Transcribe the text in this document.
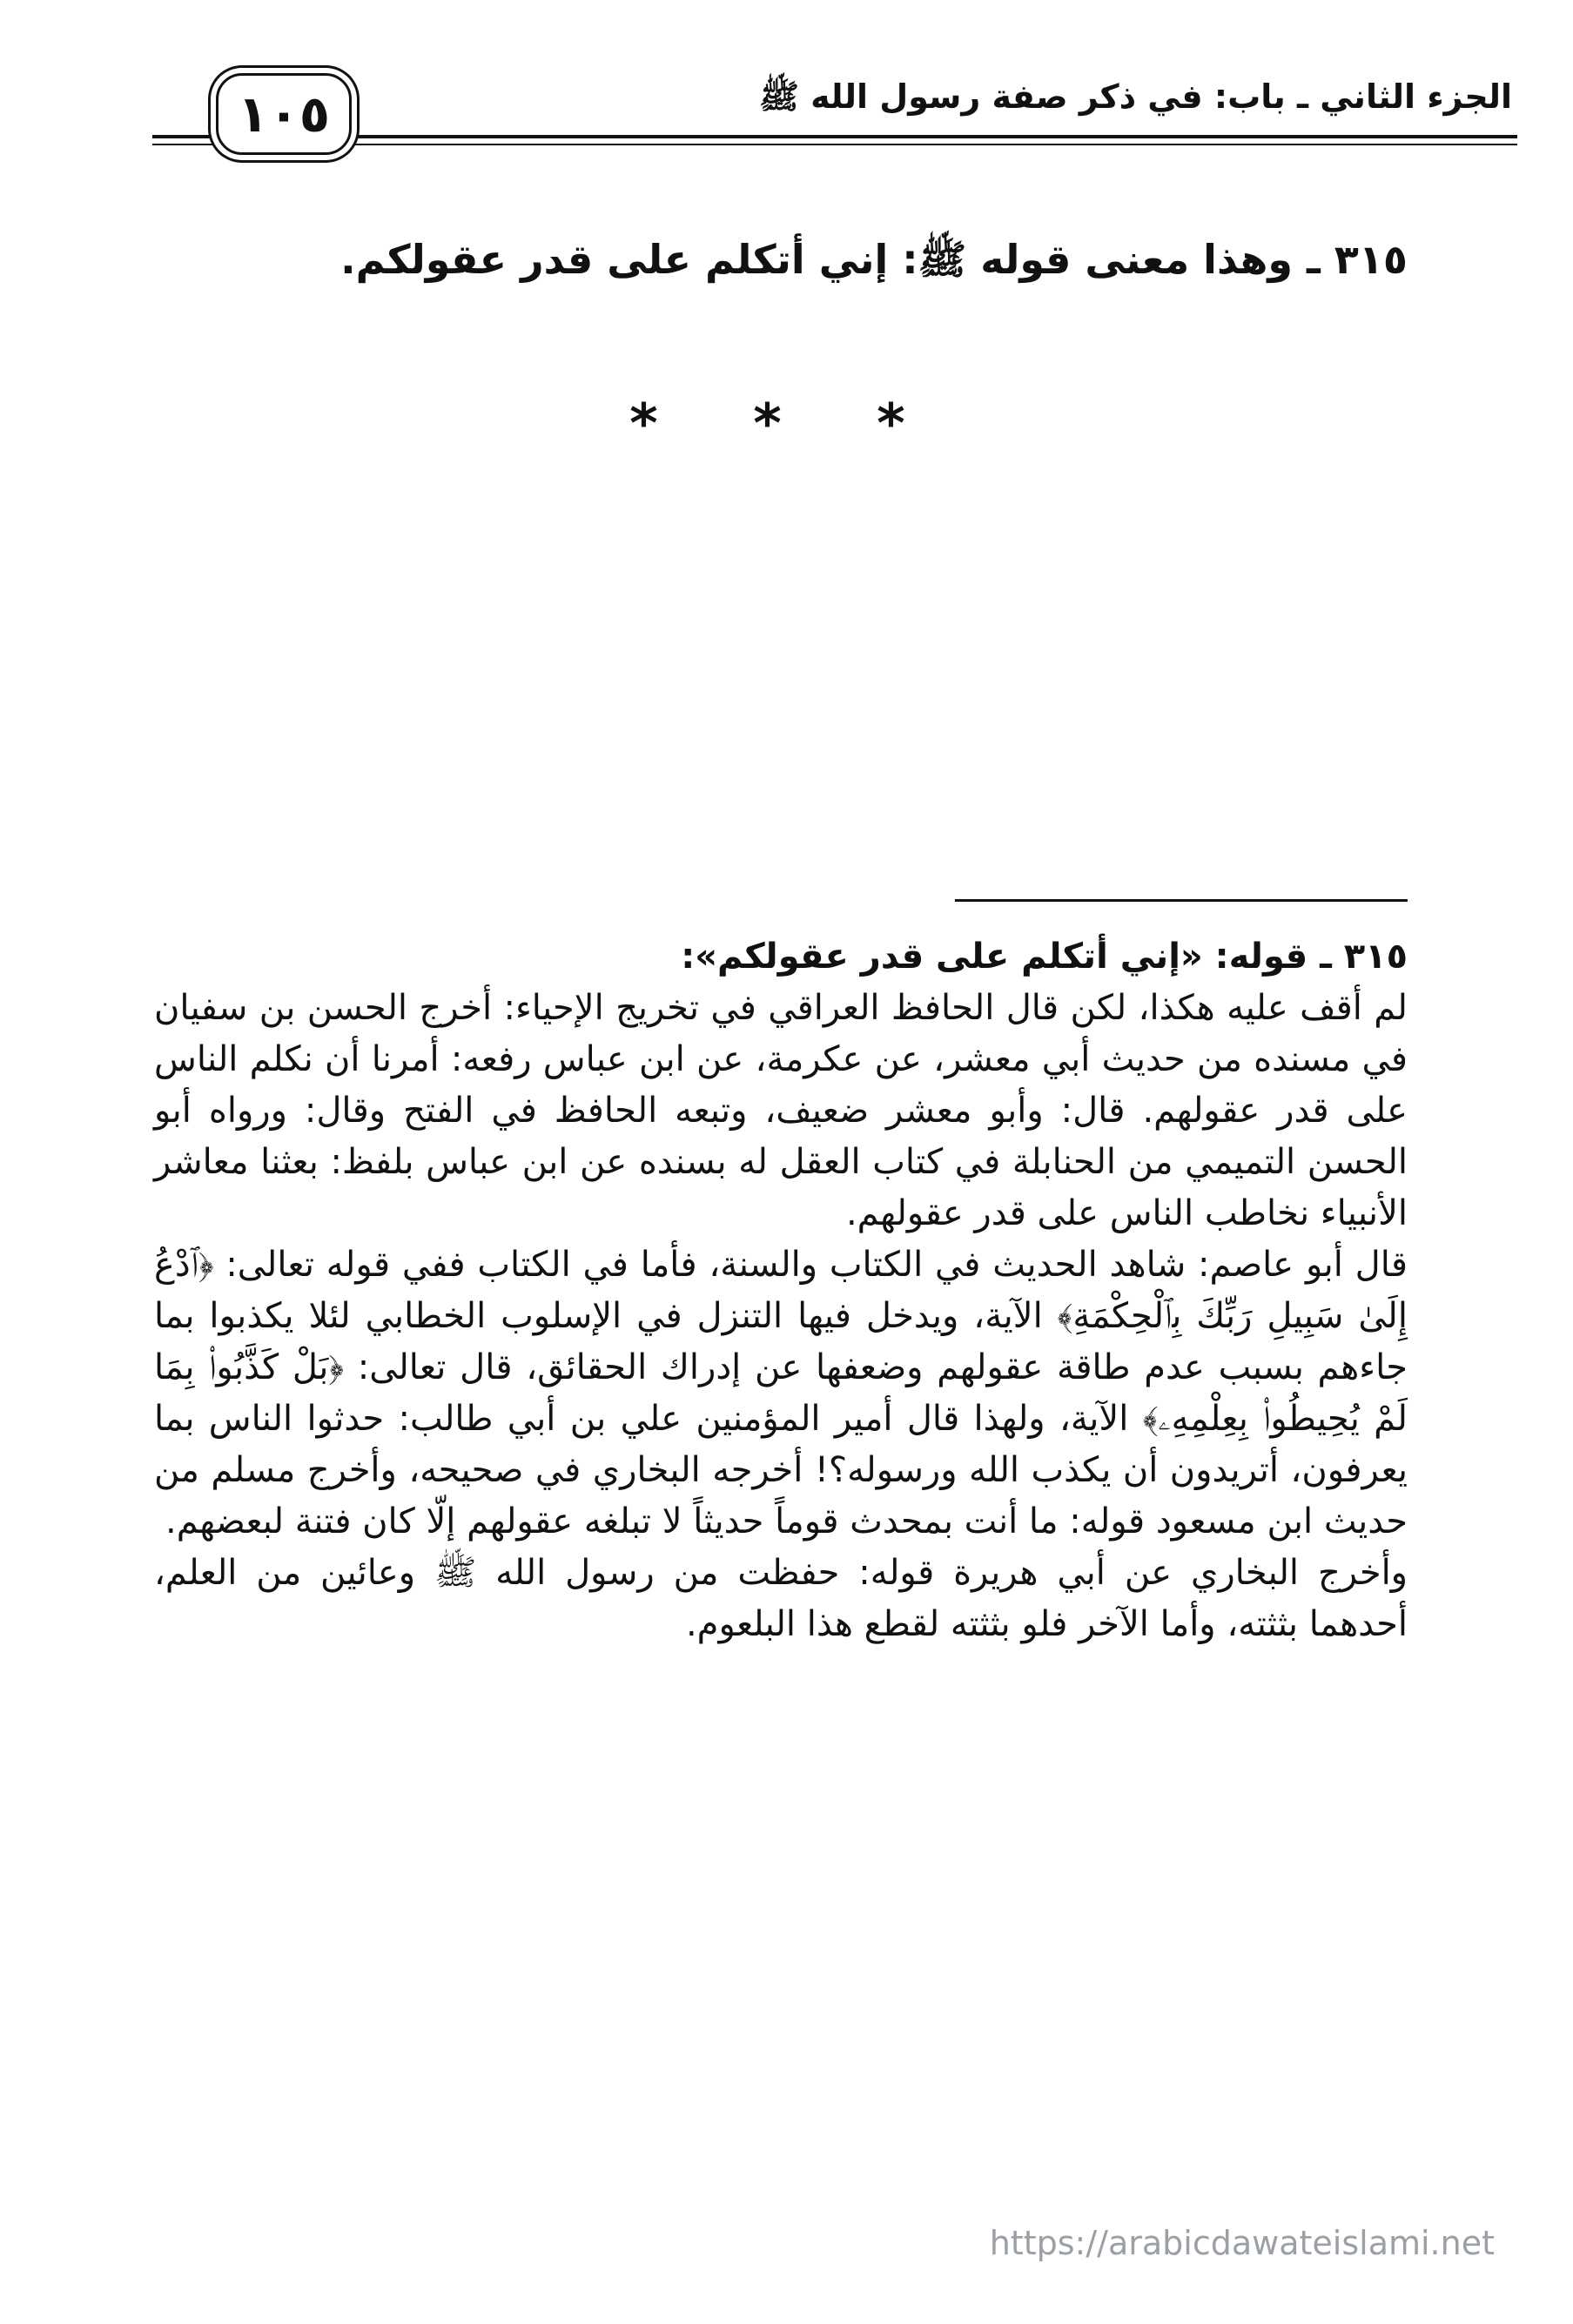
الجزء الثاني ـ باب: في ذكر صفة رسول الله ﷺ
١٠٥
٣١٥ ـ وهذا معنى قوله ﷺ: إني أتكلم على قدر عقولكم.
* * *

٣١٥ ـ قوله: «إني أتكلم على قدر عقولكم»:

لم أقف عليه هكذا، لكن قال الحافظ العراقي في تخريج الإحياء: أخرج الحسن بن سفيان في مسنده من حديث أبي معشر، عن عكرمة، عن ابن عباس رفعه: أمرنا أن نكلم الناس على قدر عقولهم. قال: وأبو معشر ضعيف، وتبعه الحافظ في الفتح وقال: ورواه أبو الحسن التميمي من الحنابلة في كتاب العقل له بسنده عن ابن عباس بلفظ: بعثنا معاشر الأنبياء نخاطب الناس على قدر عقولهم.

قال أبو عاصم: شاهد الحديث في الكتاب والسنة، فأما في الكتاب ففي قوله تعالى: ﴿ٱدْعُ إِلَىٰ سَبِيلِ رَبِّكَ بِٱلْحِكْمَةِ﴾ الآية، ويدخل فيها التنزل في الإسلوب الخطابي لئلا يكذبوا بما جاءهم بسبب عدم طاقة عقولهم وضعفها عن إدراك الحقائق، قال تعالى: ﴿بَلْ كَذَّبُوا۟ بِمَا لَمْ يُحِيطُوا۟ بِعِلْمِهِۦ﴾ الآية، ولهذا قال أمير المؤمنين علي بن أبي طالب: حدثوا الناس بما يعرفون، أتريدون أن يكذب الله ورسوله؟! أخرجه البخاري في صحيحه، وأخرج مسلم من حديث ابن مسعود قوله: ما أنت بمحدث قوماً حديثاً لا تبلغه عقولهم إلّا كان فتنة لبعضهم.

وأخرج البخاري عن أبي هريرة قوله: حفظت من رسول الله ﷺ وعائين من العلم، أحدهما بثثته، وأما الآخر فلو بثثته لقطع هذا البلعوم.

https://arabicdawateislami.net
